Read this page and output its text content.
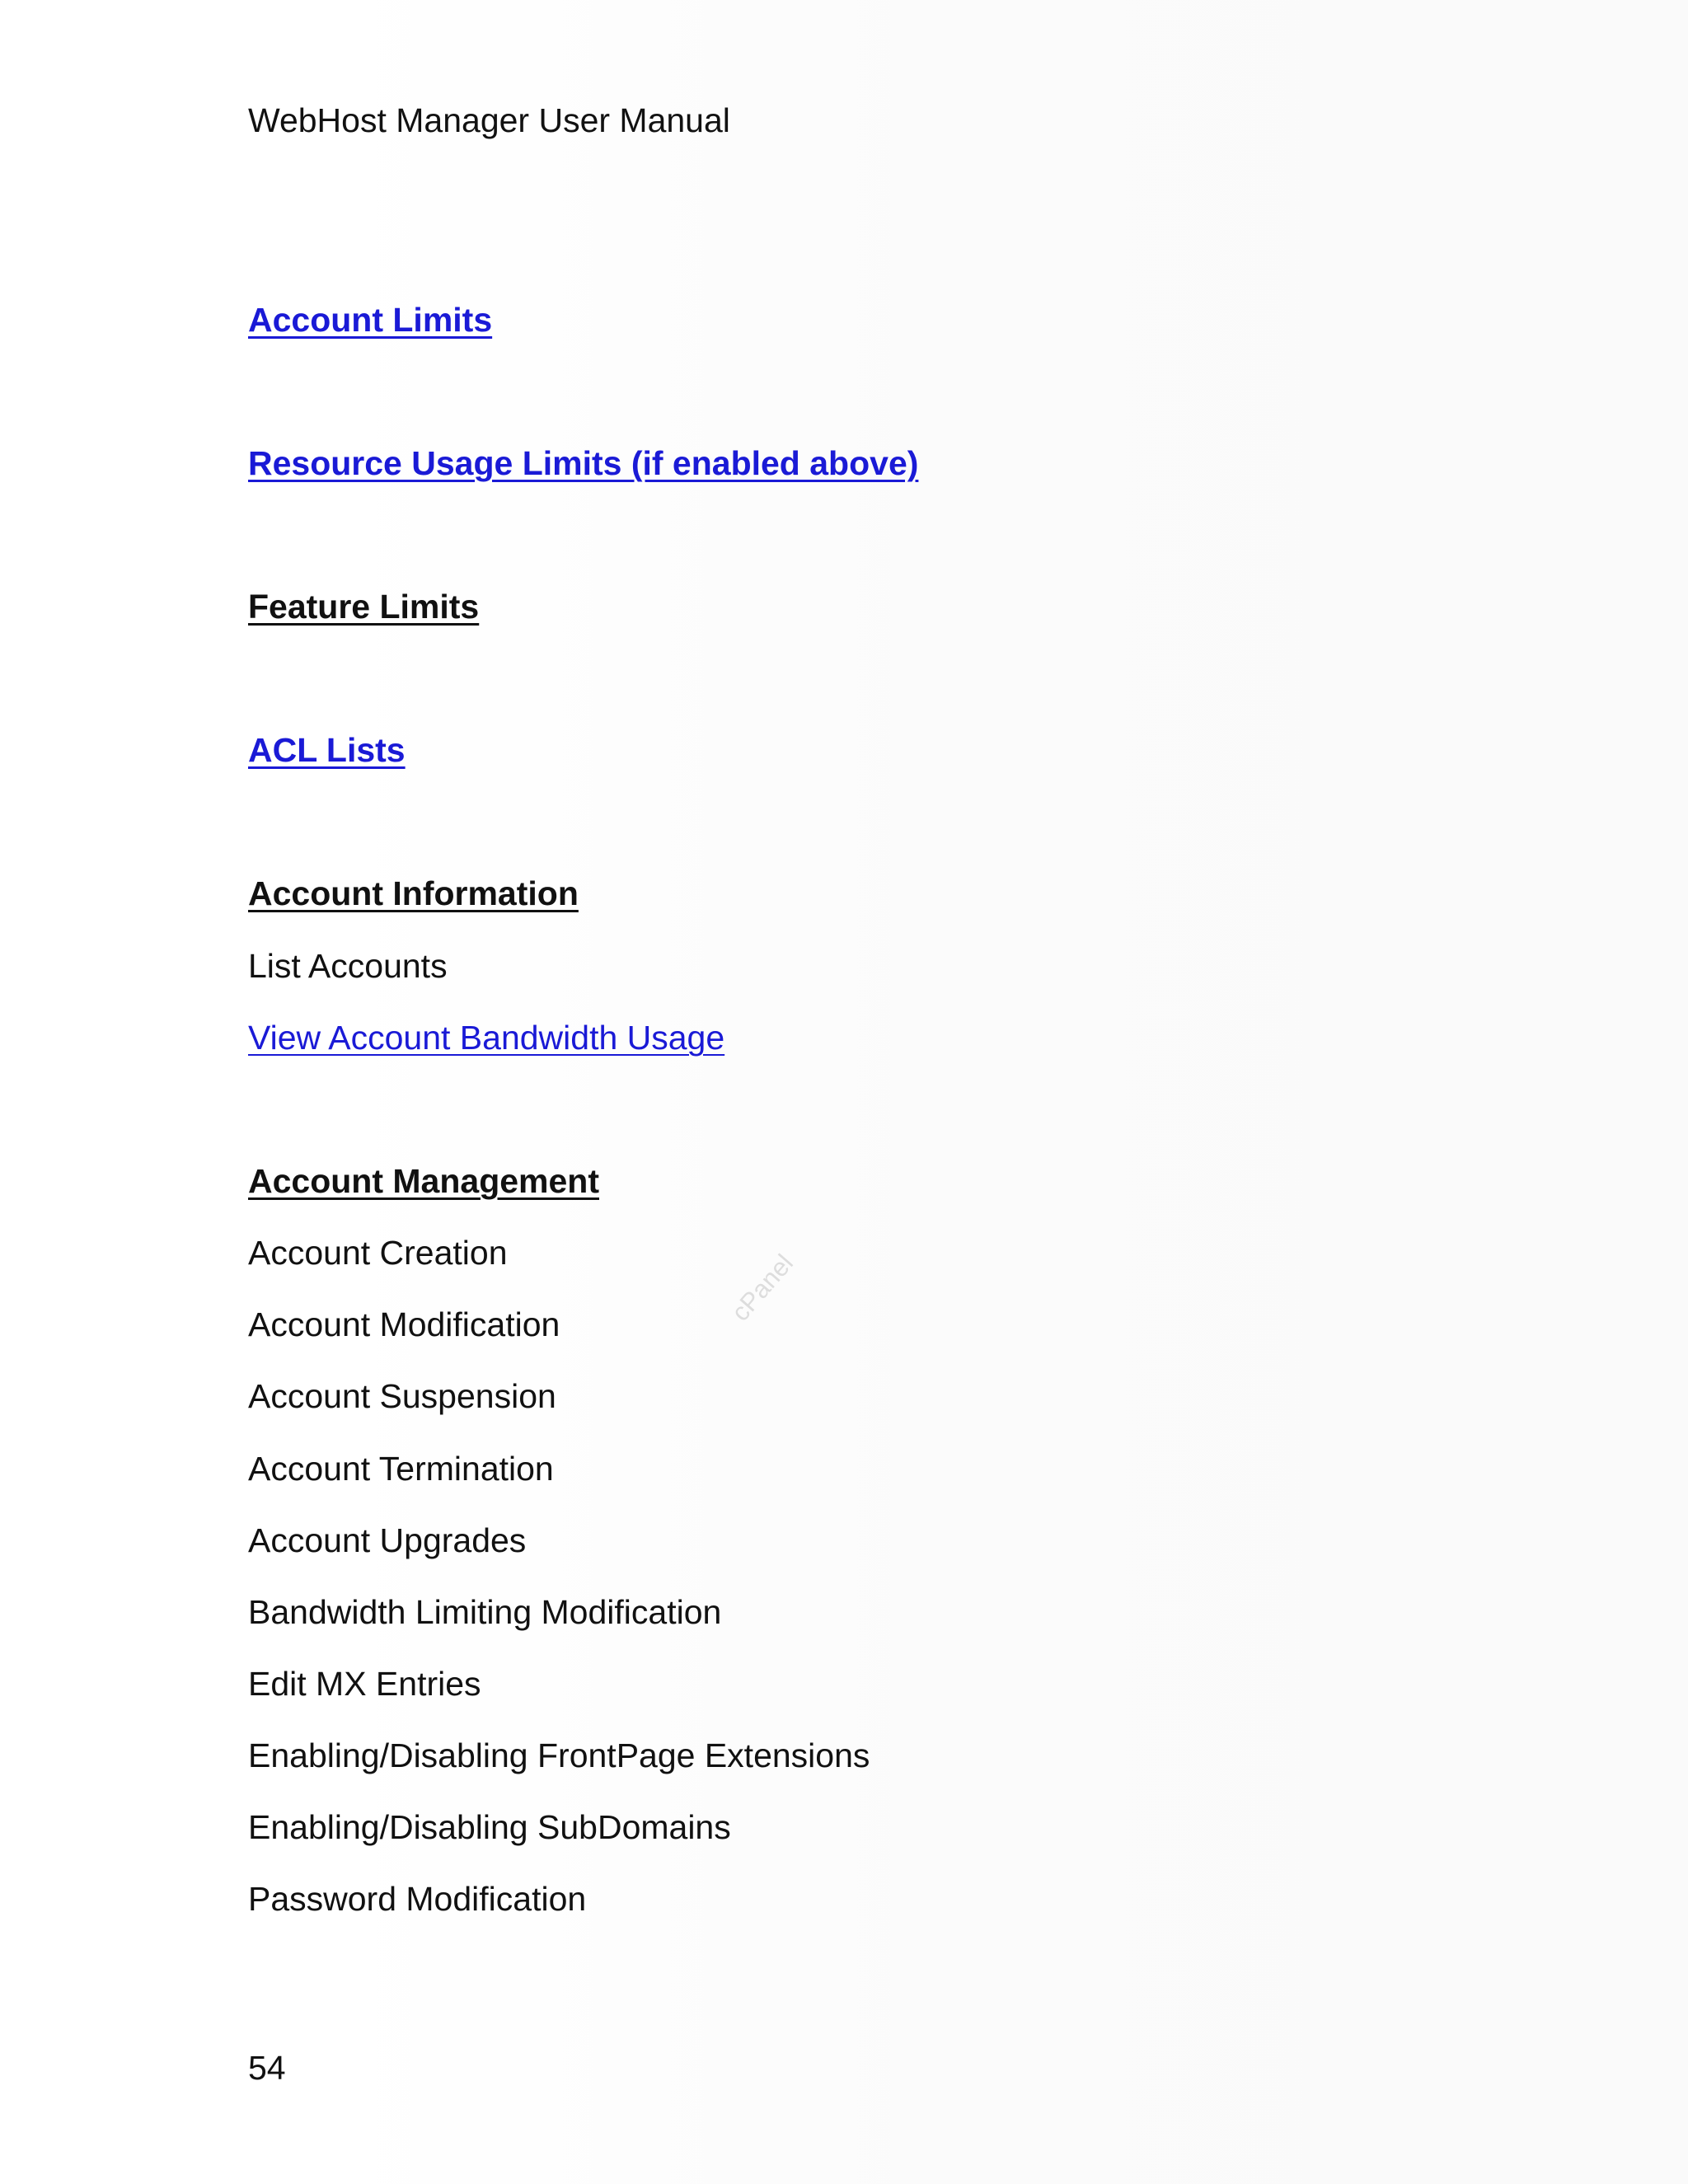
WebHost Manager User Manual
Account Limits
Resource Usage Limits (if enabled above)
Feature Limits
ACL Lists
Account Information
List Accounts
View Account Bandwidth Usage
Account Management
Account Creation
Account Modification
Account Suspension
Account Termination
Account Upgrades
Bandwidth Limiting Modification
Edit MX Entries
Enabling/Disabling FrontPage Extensions
Enabling/Disabling SubDomains
Password Modification
cPanel
54
